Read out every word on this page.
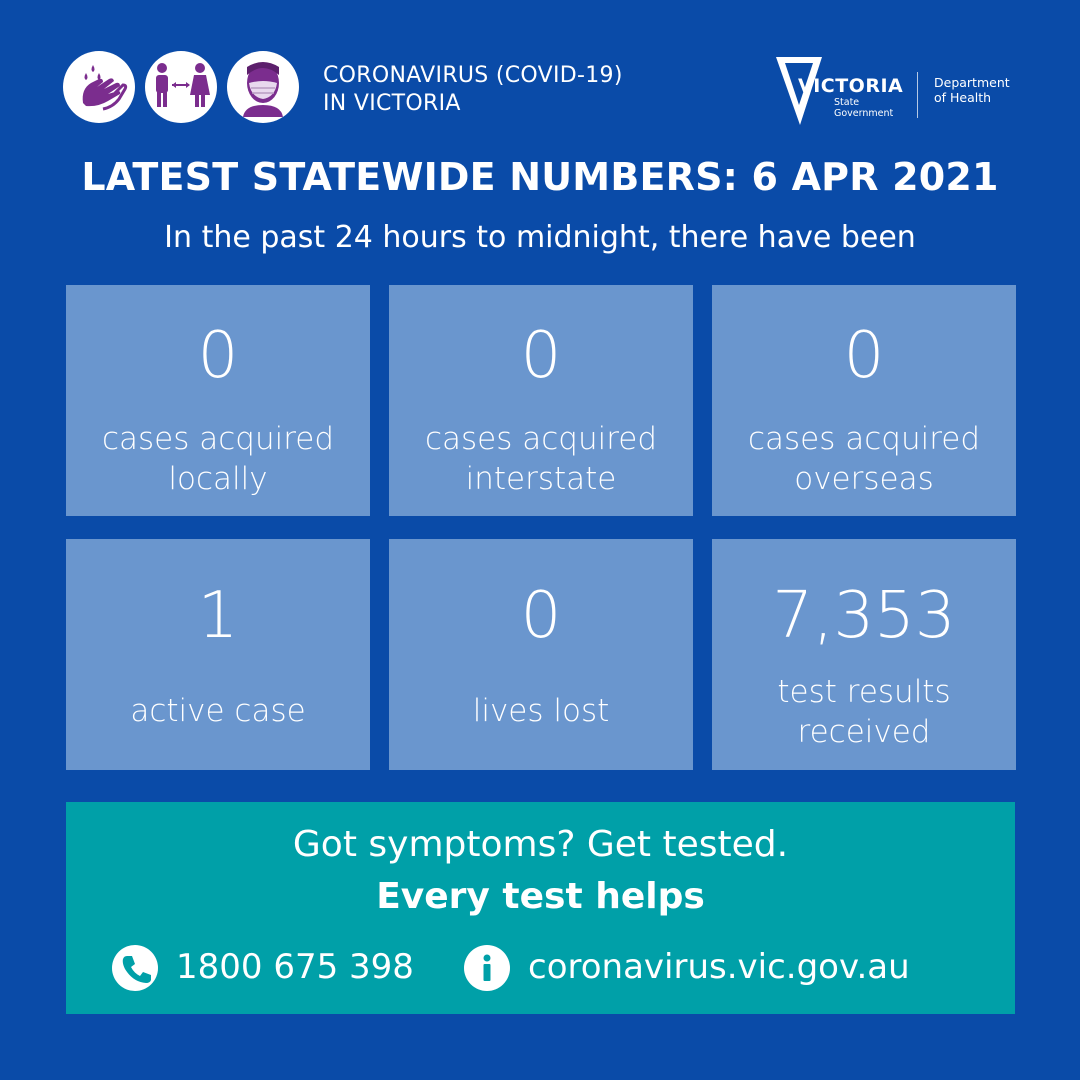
CORONAVIRUS (COVID-19)
IN VICTORIA
VICTORIA
State
Government
Department
of Health
LATEST STATEWIDE NUMBERS: 6 APR 2021
In the past 24 hours to midnight, there have been
0
cases acquired
locally
0
cases acquired
interstate
0
cases acquired
overseas
1
active case
0
lives lost
7,353
test results
received
Got symptoms? Get tested.
Every test helps
1800 675 398	coronavirus.vic.gov.au
